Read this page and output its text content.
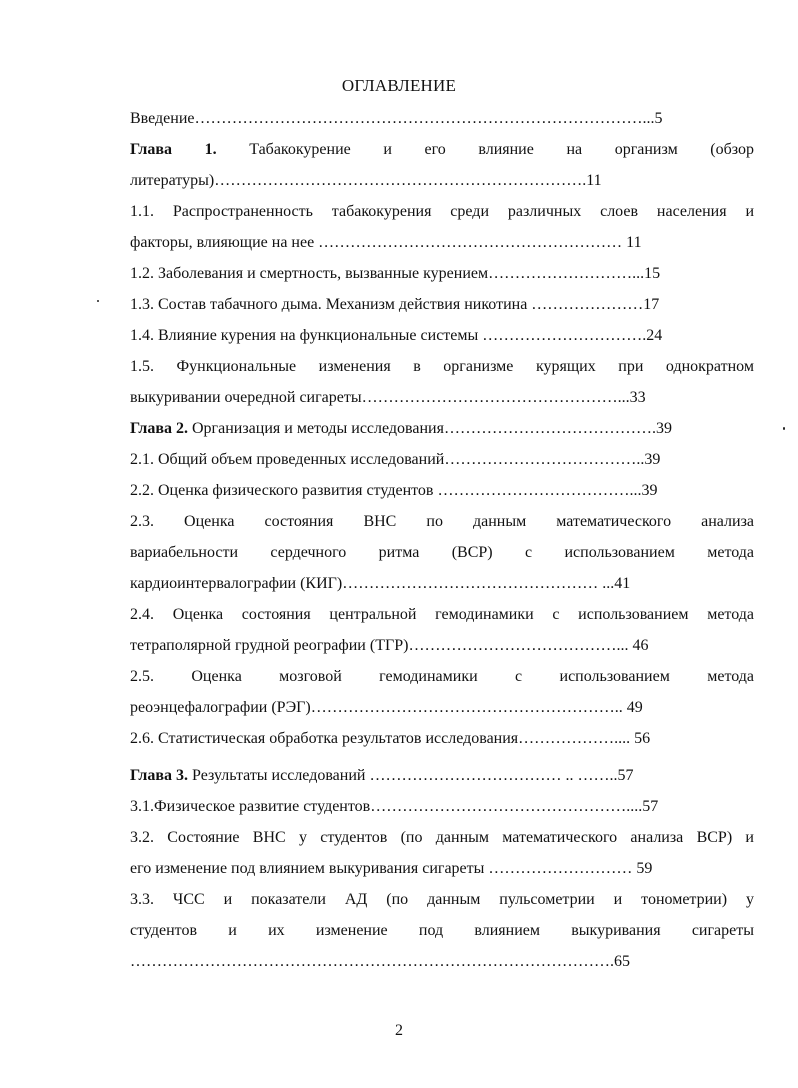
ОГЛАВЛЕНИЕ
Введение…………………………………………………………………………...5
Глава 1. Табакокурение и его влияние на организм (обзор
литературы)…………………………………………………………….11
1.1. Распространенность табакокурения среди различных слоев населения и
факторы, влияющие на нее ………………………………………………… 11
1.2. Заболевания и смертность, вызванные курением………………………...15
1.3. Состав табачного дыма. Механизм действия никотина …………………17
1.4. Влияние курения на функциональные системы ………………………….24
1.5. Функциональные изменения в организме курящих при однократном
выкуривании очередной сигареты…………………………………………...33
Глава 2. Организация и методы исследования………………………………….39
2.1. Общий объем проведенных исследований………………………………..39
2.2. Оценка физического развития студентов ………………………………...39
2.3. Оценка состояния ВНС по данным математического анализа
вариабельности сердечного ритма (ВСР) с использованием метода
кардиоинтервалографии (КИГ)………………………………………… ...41
2.4. Оценка состояния центральной гемодинамики с использованием метода
тетраполярной грудной реографии (ТГР)…………………………………... 46
2.5. Оценка мозговой гемодинамики с использованием метода
реоэнцефалографии (РЭГ)………………………………………………….. 49
2.6. Статистическая обработка результатов исследования……………….... 56
Глава 3. Результаты исследований ……………………………… .. ……..57
3.1.Физическое развитие студентов…………………………………………....57
3.2. Состояние ВНС у студентов (по данным математического анализа ВСР) и
его изменение под влиянием выкуривания сигареты ……………………… 59
3.3. ЧСС и показатели АД (по данным пульсометрии и тонометрии) у
студентов и их изменение под влиянием выкуривания сигареты
……………………………………………………………………………….65
2
